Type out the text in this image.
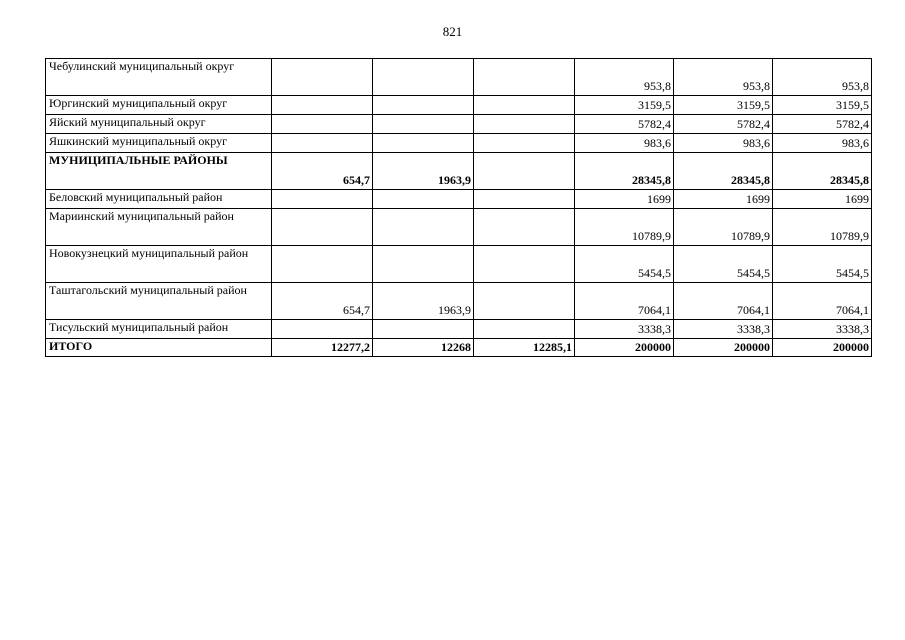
821
Чебулинский муниципальный округ				953,8	953,8	953,8
Юргинский муниципальный округ				3159,5	3159,5	3159,5
Яйский муниципальный округ				5782,4	5782,4	5782,4
Яшкинский муниципальный округ				983,6	983,6	983,6
МУНИЦИПАЛЬНЫЕ РАЙОНЫ	654,7	1963,9		28345,8	28345,8	28345,8
Беловский муниципальный район				1699	1699	1699
Мариинский муниципальный район				10789,9	10789,9	10789,9
Новокузнецкий муниципальный район				5454,5	5454,5	5454,5
Таштагольский муниципальный район	654,7	1963,9		7064,1	7064,1	7064,1
Тисульский муниципальный район				3338,3	3338,3	3338,3
ИТОГО	12277,2	12268	12285,1	200000	200000	200000
